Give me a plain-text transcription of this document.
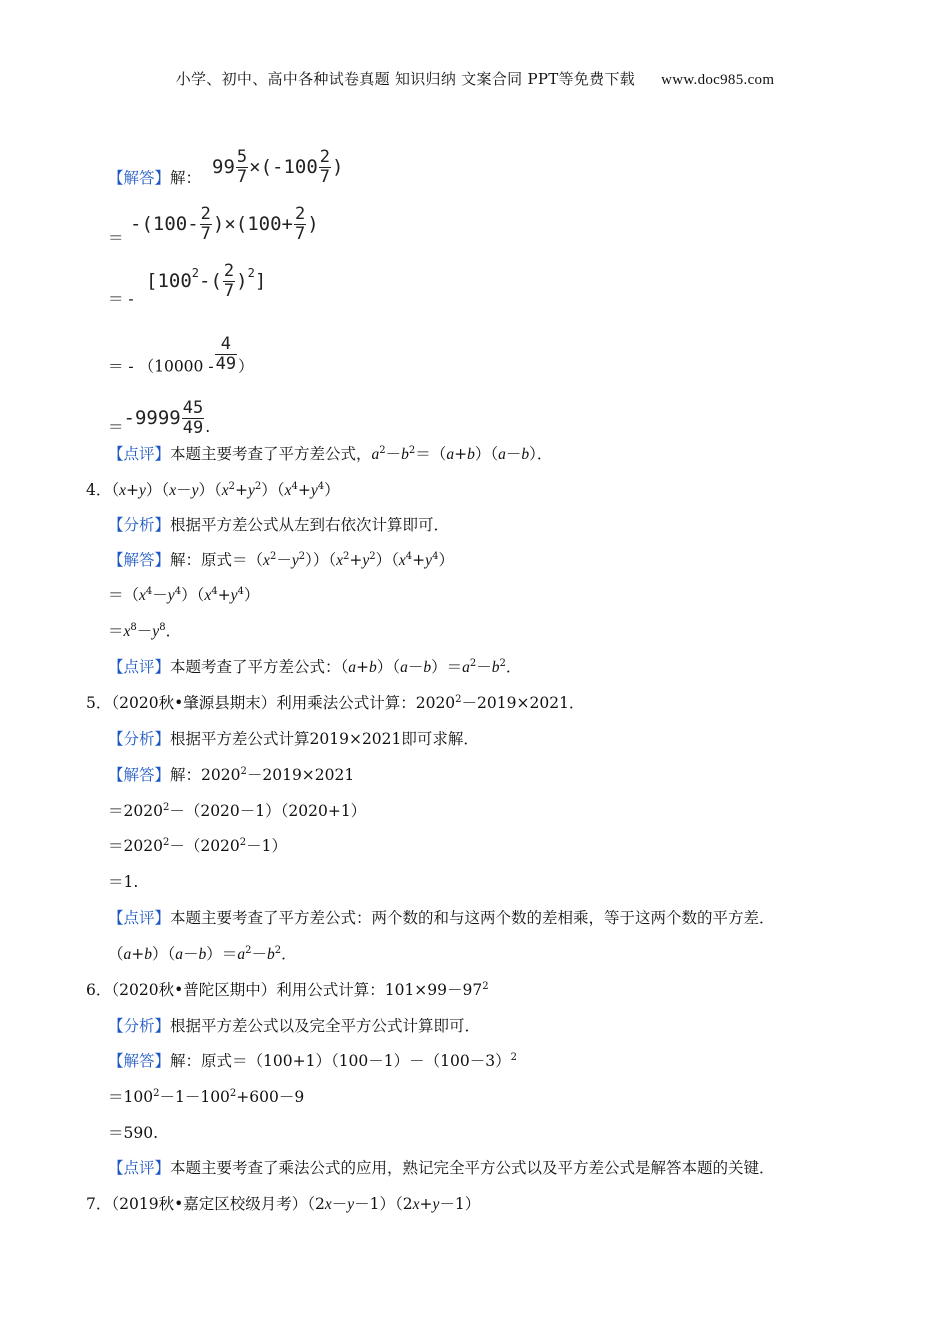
小学、初中、高中各种试卷真题 知识归纳 文案合同 PPT等免费下载 www.doc985.com
$99 \frac{5}{7} \times(-100 \frac{2}{7}$ )
【解答】解：
＝
$-(100- \frac{2}{7} )\times(100+ \frac{2}{7}$ )
＝ -
$[100^2-( \frac{2}{7} )^2]$
＝ - （$10000 - \frac{4}{49}$ ）
$=-9999 \frac{45}{49}$ .
【点评】本题主要考查了平方差公式，$a^2-b^2=(a+b)(a-b)$．
4．$(x+y)(x-y)(x^2+y^2)(x^4+y^4)$
【分析】根据平方差公式从左到右依次计算即可．
【解答】解：原式$=(x^2-y^2))(x^2+y^2)(x^4+y^4)$
$=(x^4-y^4)(x^4+y^4)$
$=x^8-y^8$．
【点评】本题考查了平方差公式：$(a+b)(a-b)=a^2-b^2$．
5．（2020秋•肇源县期末）利用乘法公式计算：$2020^2-2019\times 2021$．
【分析】根据平方差公式计算2019×2021即可求解．
【解答】解：$2020^2-2019\times 2021$
$=2020^2-(2020-1)(2020+1)$
$=2020^2-(2020^2-1)$
＝1.
【点评】本题主要考查了平方差公式：两个数的和与这两个数的差相乘，等于这两个数的平方差．
$(a+b)(a-b)=a^2-b^2$．
6．（2020秋•普陀区期中）利用公式计算：$101\times 99-97^2$
【分析】根据平方差公式以及完全平方公式计算即可．
【解答】解：原式$=(100+1)(100-1)-(100-3)^2$
$=100^2-1-100^2+600-9$
＝590.
【点评】本题主要考查了乘法公式的应用，熟记完全平方公式以及平方差公式是解答本题的关键．
7．（2019秋•嘉定区校级月考）（2x－y－1）（2x+y－1）
